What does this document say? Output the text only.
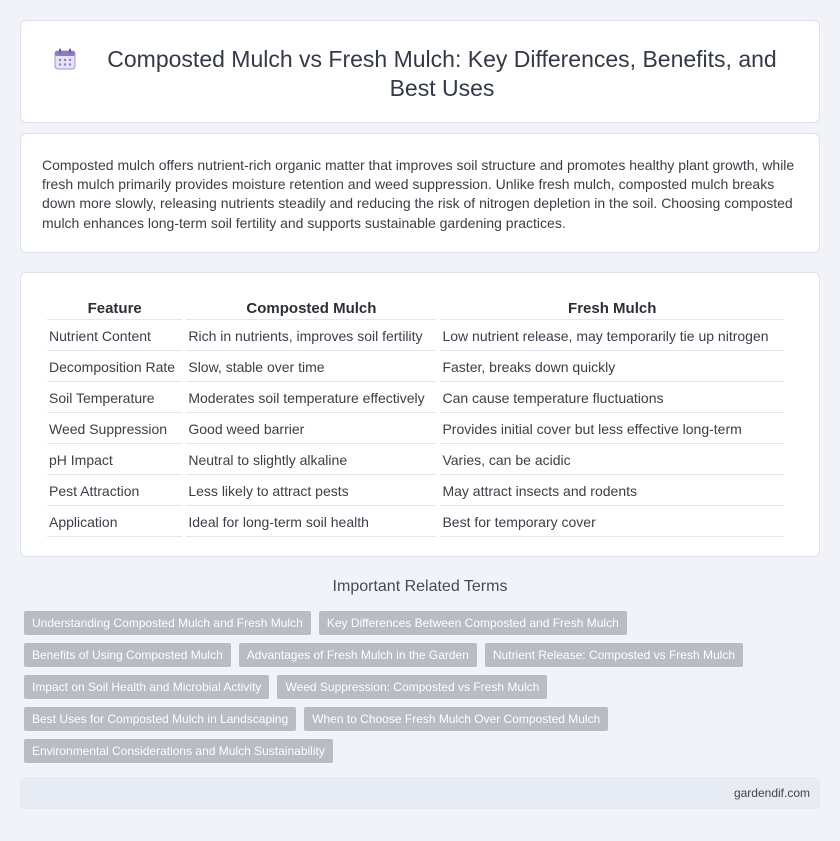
Composted Mulch vs Fresh Mulch: Key Differences, Benefits, and Best Uses

Composted mulch offers nutrient-rich organic matter that improves soil structure and promotes healthy plant growth, while fresh mulch primarily provides moisture retention and weed suppression. Unlike fresh mulch, composted mulch breaks down more slowly, releasing nutrients steadily and reducing the risk of nitrogen depletion in the soil. Choosing composted mulch enhances long-term soil fertility and supports sustainable gardening practices.

Feature	Composted Mulch	Fresh Mulch
Nutrient Content	Rich in nutrients, improves soil fertility	Low nutrient release, may temporarily tie up nitrogen
Decomposition Rate	Slow, stable over time	Faster, breaks down quickly
Soil Temperature	Moderates soil temperature effectively	Can cause temperature fluctuations
Weed Suppression	Good weed barrier	Provides initial cover but less effective long-term
pH Impact	Neutral to slightly alkaline	Varies, can be acidic
Pest Attraction	Less likely to attract pests	May attract insects and rodents
Application	Ideal for long-term soil health	Best for temporary cover
Important Related Terms
Understanding Composted Mulch and Fresh Mulch	Key Differences Between Composted and Fresh Mulch
Benefits of Using Composted Mulch	Advantages of Fresh Mulch in the Garden	Nutrient Release: Composted vs Fresh Mulch
Impact on Soil Health and Microbial Activity	Weed Suppression: Composted vs Fresh Mulch
Best Uses for Composted Mulch in Landscaping	When to Choose Fresh Mulch Over Composted Mulch
Environmental Considerations and Mulch Sustainability
gardendif.com
